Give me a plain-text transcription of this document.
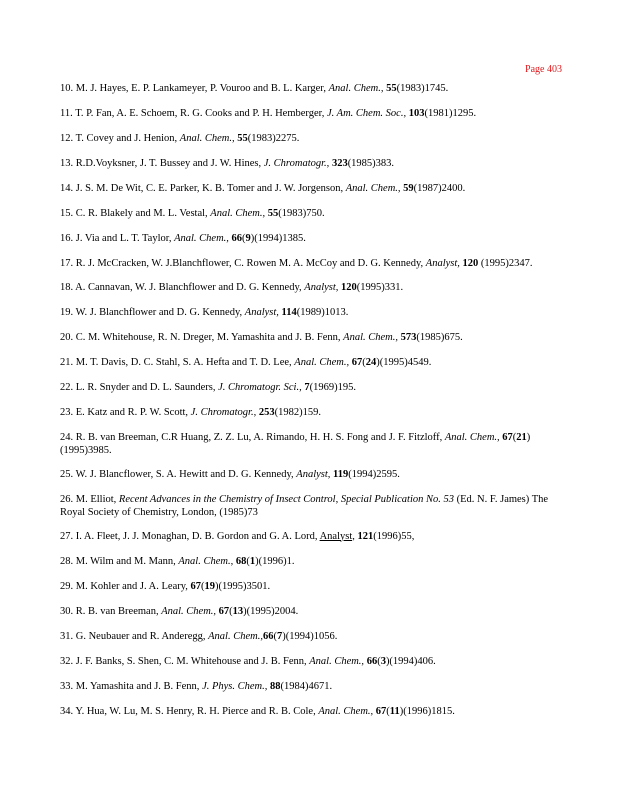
Page 403

10. M. J. Hayes, E. P. Lankameyer, P. Vouroo and B. L. Karger, Anal. Chem., 55(1983)1745.

11. T. P. Fan, A. E. Schoem, R. G. Cooks and P. H. Hemberger, J. Am. Chem. Soc., 103(1981)1295.

12. T. Covey and J. Henion, Anal. Chem., 55(1983)2275.

13. R.D.Voyksner, J. T. Bussey and J. W. Hines, J. Chromatogr., 323(1985)383.

14. J. S. M. De Wit, C. E. Parker, K. B. Tomer and J. W. Jorgenson, Anal. Chem., 59(1987)2400.

15. C. R. Blakely and M. L. Vestal, Anal. Chem., 55(1983)750.

16. J. Via and L. T. Taylor, Anal. Chem., 66(9)(1994)1385.

17. R. J. McCracken, W. J.Blanchflower, C. Rowen M. A. McCoy and D. G. Kennedy, Analyst, 120 (1995)2347.

18. A. Cannavan, W. J. Blanchflower and D. G. Kennedy, Analyst, 120(1995)331.

19. W. J. Blanchflower and D. G. Kennedy, Analyst, 114(1989)1013.

20. C. M. Whitehouse, R. N. Dreger, M. Yamashita and J. B. Fenn, Anal. Chem., 573(1985)675.

21. M. T. Davis, D. C. Stahl, S. A. Hefta and T. D. Lee, Anal. Chem., 67(24)(1995)4549.

22. L. R. Snyder and D. L. Saunders, J. Chromatogr. Sci., 7(1969)195.

23. E. Katz and R. P. W. Scott, J. Chromatogr., 253(1982)159.

24. R. B. van Breeman, C.R Huang, Z. Z. Lu, A. Rimando, H. H. S. Fong and J. F. Fitzloff, Anal. Chem., 67(21)(1995)3985.

25. W. J. Blancflower, S. A. Hewitt and D. G. Kennedy, Analyst, 119(1994)2595.

26. M. Elliot, Recent Advances in the Chemistry of Insect Control, Special Publication No. 53 (Ed. N. F. James) The Royal Society of Chemistry, London, (1985)73

27. I. A. Fleet, J. J. Monaghan, D. B. Gordon and G. A. Lord, Analyst, 121(1996)55,

28. M. Wilm and M. Mann, Anal. Chem., 68(1)(1996)1.

29. M. Kohler and J. A. Leary, 67(19)(1995)3501.

30. R. B. van Breeman, Anal. Chem., 67(13)(1995)2004.

31. G. Neubauer and R. Anderegg, Anal. Chem.,66(7)(1994)1056.

32. J. F. Banks, S. Shen, C. M. Whitehouse and J. B. Fenn, Anal. Chem., 66(3)(1994)406.

33. M. Yamashita and J. B. Fenn, J. Phys. Chem., 88(1984)4671.

34. Y. Hua, W. Lu, M. S. Henry, R. H. Pierce and R. B. Cole, Anal. Chem., 67(11)(1996)1815.
